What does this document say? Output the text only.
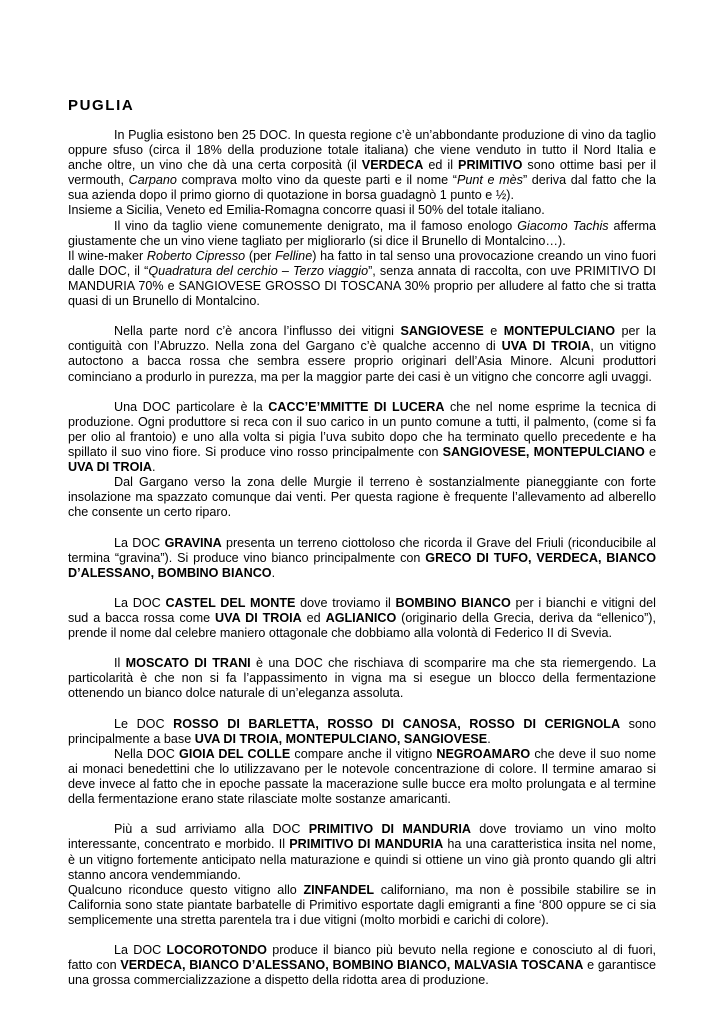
PUGLIA

In Puglia esistono ben 25 DOC. In questa regione c’è un’abbondante produzione di vino da taglio oppure sfuso (circa il 18% della produzione totale italiana) che viene venduto in tutto il Nord Italia e anche oltre, un vino che dà una certa corposità (il VERDECA ed il PRIMITIVO sono ottime basi per il vermouth, Carpano comprava molto vino da queste parti e il nome “Punt e mès” deriva dal fatto che la sua azienda dopo il primo giorno di quotazione in borsa guadagnò 1 punto e ½).

Insieme a Sicilia, Veneto ed Emilia-Romagna concorre quasi il 50% del totale italiano.

Il vino da taglio viene comunemente denigrato, ma il famoso enologo Giacomo Tachis afferma giustamente che un vino viene tagliato per migliorarlo (si dice il Brunello di Montalcino…).

Il wine-maker Roberto Cipresso (per Felline) ha fatto in tal senso una provocazione creando un vino fuori dalle DOC, il “Quadratura del cerchio – Terzo viaggio”, senza annata di raccolta, con uve PRIMITIVO DI MANDURIA 70% e SANGIOVESE GROSSO DI TOSCANA 30% proprio per alludere al fatto che si tratta quasi di un Brunello di Montalcino.

Nella parte nord c’è ancora l’influsso dei vitigni SANGIOVESE e MONTEPULCIANO per la contiguità con l’Abruzzo. Nella zona del Gargano c’è qualche accenno di UVA DI TROIA, un vitigno autoctono a bacca rossa che sembra essere proprio originari dell’Asia Minore. Alcuni produttori cominciano a produrlo in purezza, ma per la maggior parte dei casi è un vitigno che concorre agli uvaggi.

Una DOC particolare è la CACC’E’MMITTE DI LUCERA che nel nome esprime la tecnica di produzione. Ogni produttore si reca con il suo carico in un punto comune a tutti, il palmento, (come si fa per olio al frantoio) e uno alla volta si pigia l’uva subito dopo che ha terminato quello precedente e ha spillato il suo vino fiore. Si produce vino rosso principalmente con SANGIOVESE, MONTEPULCIANO e UVA DI TROIA.

Dal Gargano verso la zona delle Murgie il terreno è sostanzialmente pianeggiante con forte insolazione ma spazzato comunque dai venti. Per questa ragione è frequente l’allevamento ad alberello che consente un certo riparo.

La DOC GRAVINA presenta un terreno ciottoloso che ricorda il Grave del Friuli (riconducibile al termina “gravina”). Si produce vino bianco principalmente con GRECO DI TUFO, VERDECA, BIANCO D’ALESSANO, BOMBINO BIANCO.

La DOC CASTEL DEL MONTE dove troviamo il BOMBINO BIANCO per i bianchi e vitigni del sud a bacca rossa come UVA DI TROIA ed AGLIANICO (originario della Grecia, deriva da “ellenico”), prende il nome dal celebre maniero ottagonale che dobbiamo alla volontà di Federico II di Svevia.

Il MOSCATO DI TRANI è una DOC che rischiava di scomparire ma che sta riemergendo. La particolarità è che non si fa l’appassimento in vigna ma si esegue un blocco della fermentazione ottenendo un bianco dolce naturale di un’eleganza assoluta.

Le DOC ROSSO DI BARLETTA, ROSSO DI CANOSA, ROSSO DI CERIGNOLA sono principalmente a base UVA DI TROIA, MONTEPULCIANO, SANGIOVESE.

Nella DOC GIOIA DEL COLLE compare anche il vitigno NEGROAMARO che deve il suo nome ai monaci benedettini che lo utilizzavano per le notevole concentrazione di colore. Il termine amarao si deve invece al fatto che in epoche passate la macerazione sulle bucce era molto prolungata e al termine della fermentazione erano state rilasciate molte sostanze amaricanti.

Più a sud arriviamo alla DOC PRIMITIVO DI MANDURIA dove troviamo un vino molto interessante, concentrato e morbido. Il PRIMITIVO DI MANDURIA ha una caratteristica insita nel nome, è un vitigno fortemente anticipato nella maturazione e quindi si ottiene un vino già pronto quando gli altri stanno ancora vendemmiando.

Qualcuno riconduce questo vitigno allo ZINFANDEL californiano, ma non è possibile stabilire se in California sono state piantate barbatelle di Primitivo esportate dagli emigranti a fine ‘800 oppure se ci sia semplicemente una stretta parentela tra i due vitigni (molto morbidi e carichi di colore).

La DOC LOCOROTONDO produce il bianco più bevuto nella regione e conosciuto al di fuori, fatto con VERDECA, BIANCO D’ALESSANO, BOMBINO BIANCO, MALVASIA TOSCANA e garantisce una grossa commercializzazione a dispetto della ridotta area di produzione.
